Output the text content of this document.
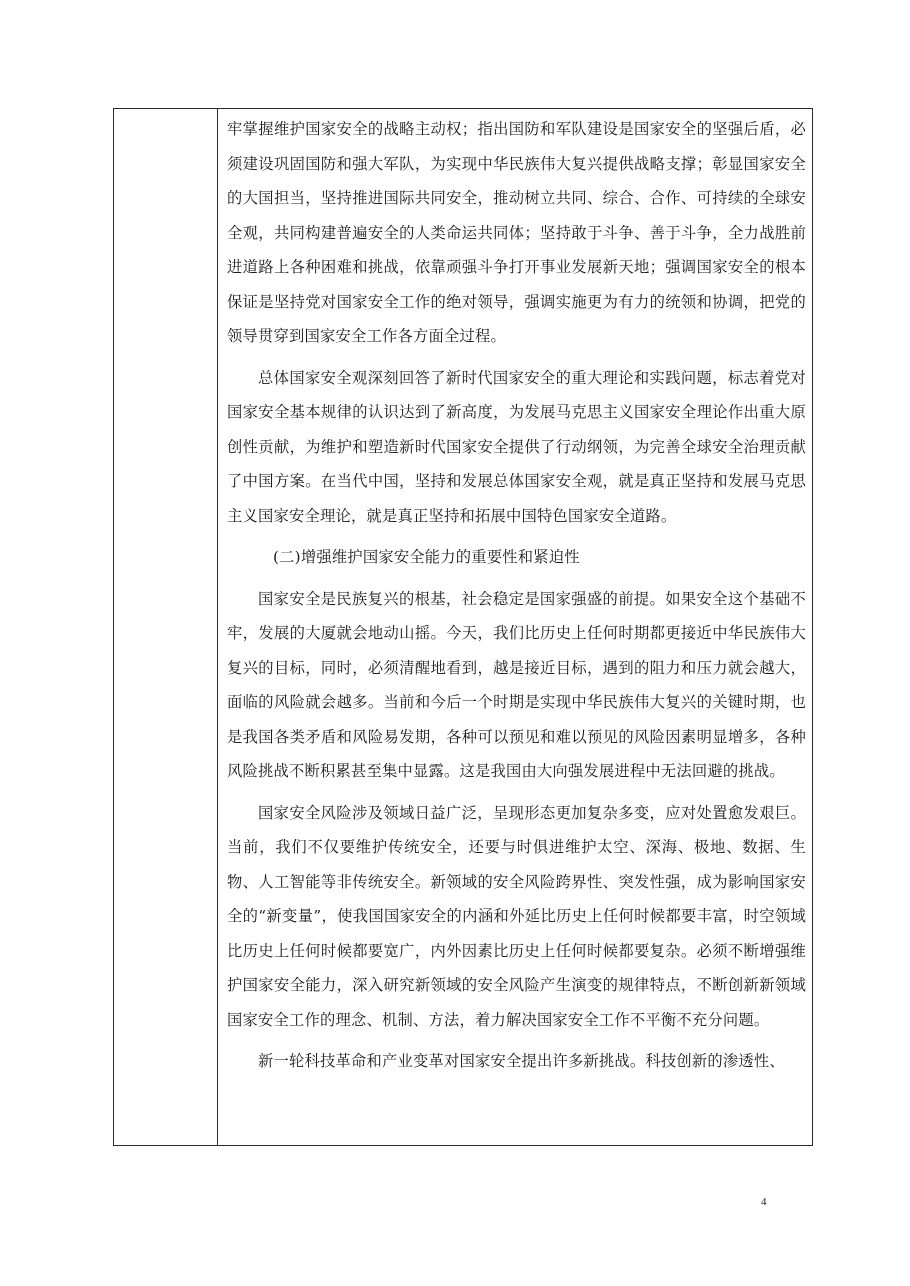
牢掌握维护国家安全的战略主动权；指出国防和军队建设是国家安全的坚强后盾，必须建设巩固国防和强大军队，为实现中华民族伟大复兴提供战略支撑；彰显国家安全的大国担当，坚持推进国际共同安全，推动树立共同、综合、合作、可持续的全球安全观，共同构建普遍安全的人类命运共同体；坚持敢于斗争、善于斗争，全力战胜前进道路上各种困难和挑战，依靠顽强斗争打开事业发展新天地；强调国家安全的根本保证是坚持党对国家安全工作的绝对领导，强调实施更为有力的统领和协调，把党的领导贯穿到国家安全工作各方面全过程。

总体国家安全观深刻回答了新时代国家安全的重大理论和实践问题，标志着党对国家安全基本规律的认识达到了新高度，为发展马克思主义国家安全理论作出重大原创性贡献，为维护和塑造新时代国家安全提供了行动纲领，为完善全球安全治理贡献了中国方案。在当代中国，坚持和发展总体国家安全观，就是真正坚持和发展马克思主义国家安全理论，就是真正坚持和拓展中国特色国家安全道路。

(二)增强维护国家安全能力的重要性和紧迫性

国家安全是民族复兴的根基，社会稳定是国家强盛的前提。如果安全这个基础不牢，发展的大厦就会地动山摇。今天，我们比历史上任何时期都更接近中华民族伟大复兴的目标，同时，必须清醒地看到，越是接近目标，遇到的阻力和压力就会越大，面临的风险就会越多。当前和今后一个时期是实现中华民族伟大复兴的关键时期，也是我国各类矛盾和风险易发期，各种可以预见和难以预见的风险因素明显增多，各种风险挑战不断积累甚至集中显露。这是我国由大向强发展进程中无法回避的挑战。

国家安全风险涉及领域日益广泛，呈现形态更加复杂多变，应对处置愈发艰巨。当前，我们不仅要维护传统安全，还要与时俱进维护太空、深海、极地、数据、生物、人工智能等非传统安全。新领域的安全风险跨界性、突发性强，成为影响国家安全的“新变量”，使我国国家安全的内涵和外延比历史上任何时候都要丰富，时空领域比历史上任何时候都要宽广，内外因素比历史上任何时候都要复杂。必须不断增强维护国家安全能力，深入研究新领域的安全风险产生演变的规律特点，不断创新新领域国家安全工作的理念、机制、方法，着力解决国家安全工作不平衡不充分问题。

新一轮科技革命和产业变革对国家安全提出许多新挑战。科技创新的渗透性、

4
